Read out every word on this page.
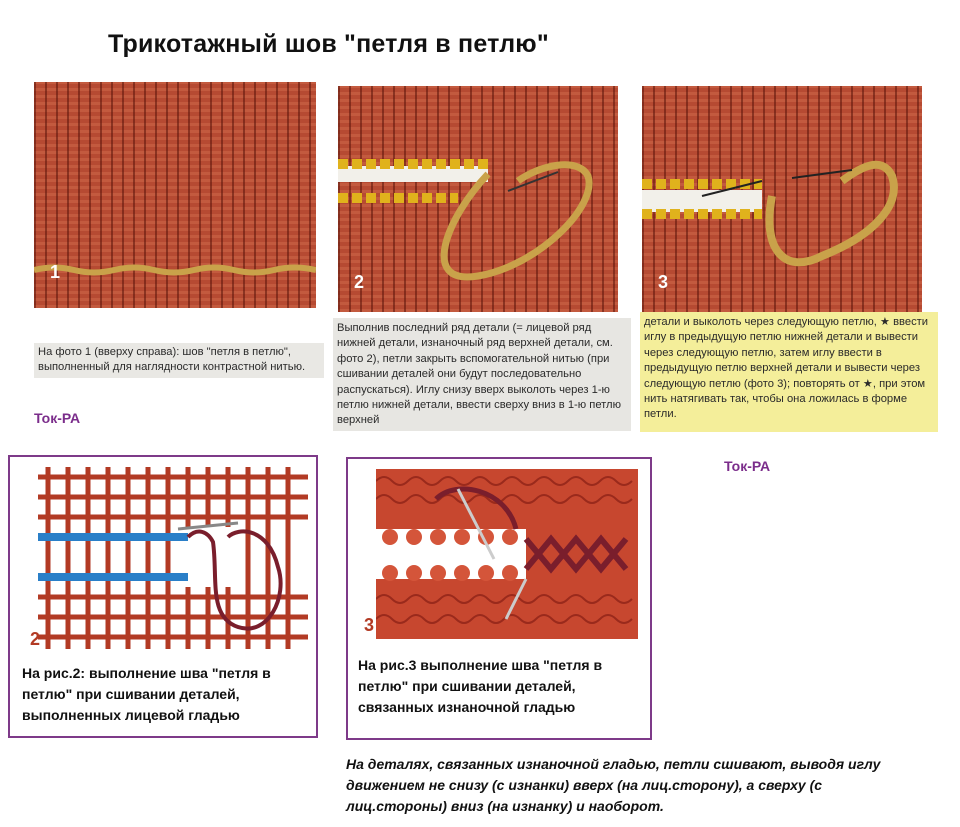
Трикотажный шов "петля в петлю"
1	2	3
На фото 1 (вверху справа): шов "петля в петлю", выполненный для наглядности контрастной нитью.
Выполнив последний ряд детали (= лицевой ряд нижней детали, изнаночный ряд верхней детали, см. фото 2), петли закрыть вспомогательной нитью (при сшивании деталей они будут последовательно распускаться). Иглу снизу вверх выколоть через 1-ю петлю нижней детали, ввести сверху вниз в 1-ю петлю верхней
детали и выколоть через следующую петлю, ★ ввести иглу в предыдущую петлю нижней детали и вывести через следующую петлю, затем иглу ввести в предыдущую петлю верхней детали и вывести через следующую петлю (фото 3); повторять от ★, при этом нить натягивать так, чтобы она ложилась в форме петли.
Ток-РА
Ток-РА
2
На рис.2: выполнение шва "петля в петлю" при сшивании деталей, выполненных лицевой гладью
3
На рис.3 выполнение шва "петля в петлю" при сшивании деталей, связанных изнаночной гладью
На деталях, связанных изнаночной гладью, петли сшивают, выводя иглу движением не снизу (с изнанки) вверх (на лиц.сторону), а сверху (с лиц.стороны) вниз (на изнанку) и наоборот.
